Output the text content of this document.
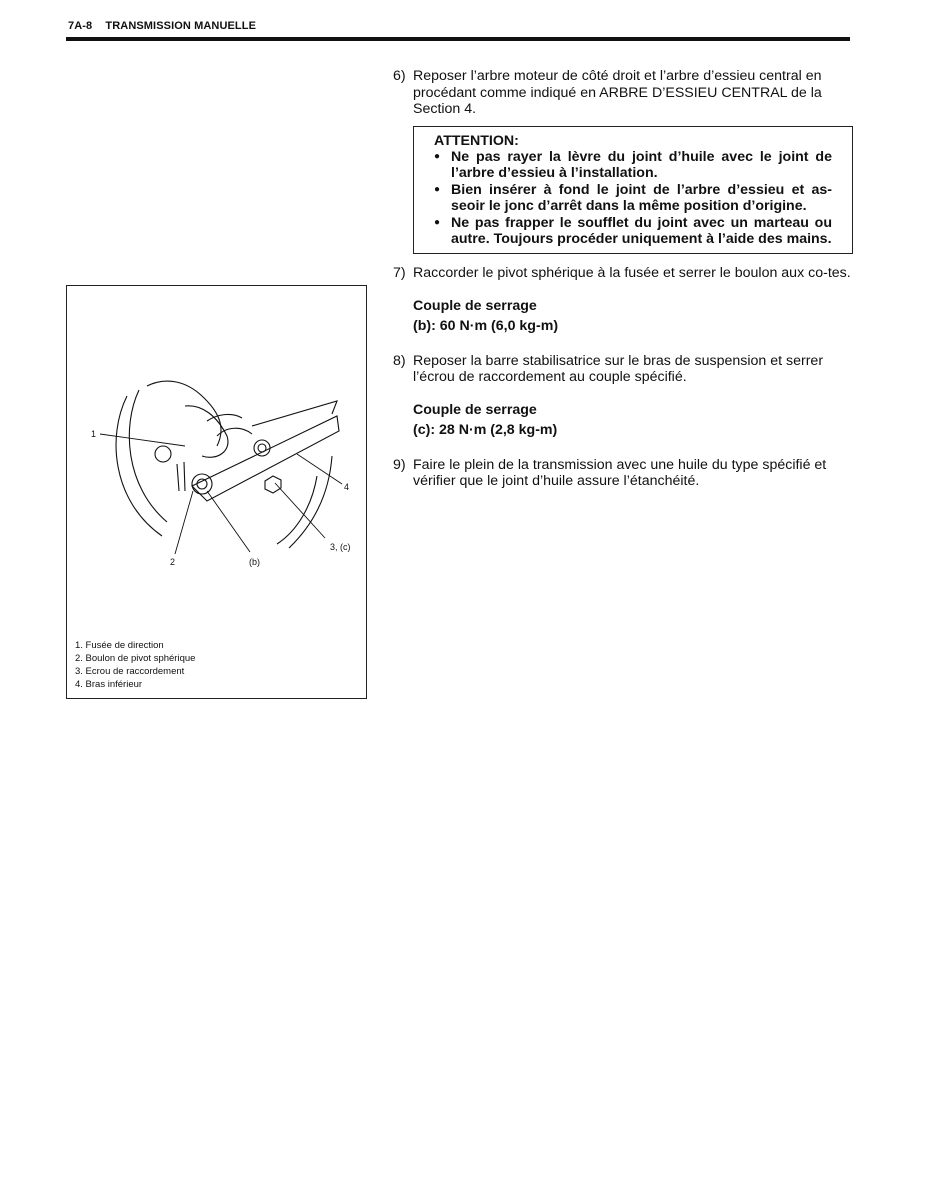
7A-8 TRANSMISSION MANUELLE
6) Reposer l’arbre moteur de côté droit et l’arbre d’essieu central en procédant comme indiqué en ARBRE D’ESSIEU CENTRAL de la Section 4.
ATTENTION:
● Ne pas rayer la lèvre du joint d’huile avec le joint de l’arbre d’essieu à l’installation.
● Bien insérer à fond le joint de l’arbre d’essieu et as-seoir le jonc d’arrêt dans la même position d’origine.
● Ne pas frapper le soufflet du joint avec un marteau ou autre. Toujours procéder uniquement à l’aide des mains.
7) Raccorder le pivot sphérique à la fusée et serrer le boulon aux co-tes.
Couple de serrage
(b): 60 N·m (6,0 kg-m)
8) Reposer la barre stabilisatrice sur le bras de suspension et serrer l’écrou de raccordement au couple spécifié.
Couple de serrage
(c): 28 N·m (2,8 kg-m)
9) Faire le plein de la transmission avec une huile du type spécifié et vérifier que le joint d’huile assure l’étanchéité.
1
2	(b)
3, (c)
4
1. Fusée de direction
2. Boulon de pivot sphérique
3. Ecrou de raccordement
4. Bras inférieur
